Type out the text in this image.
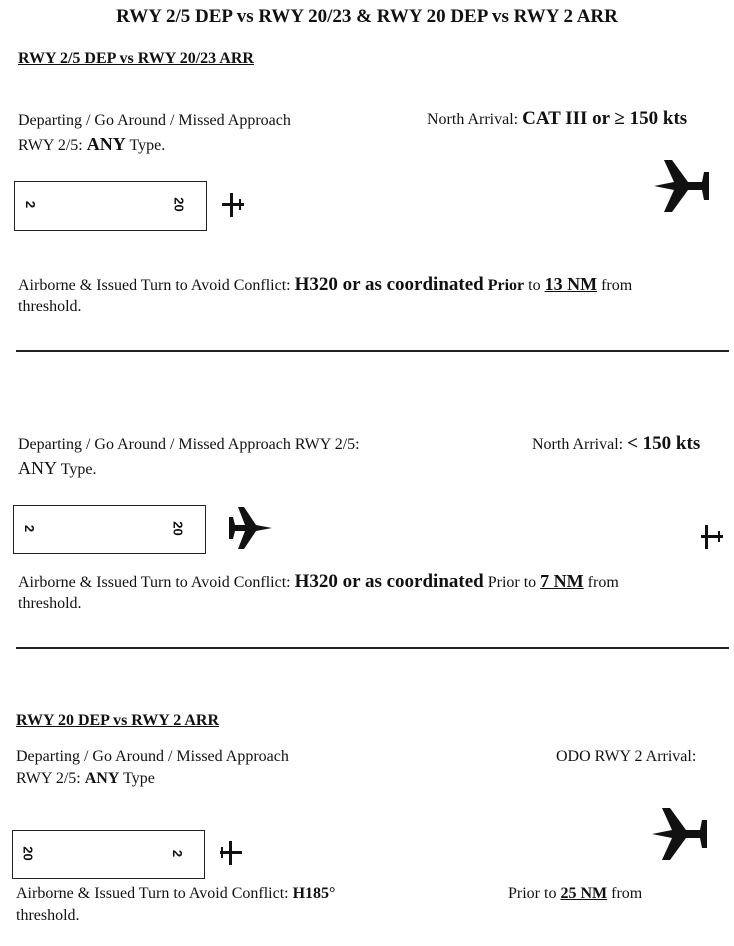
RWY 2/5 DEP vs RWY 20/23 & RWY 20 DEP vs RWY 2 ARR
RWY 2/5 DEP vs RWY 20/23 ARR
Departing / Go Around / Missed Approach
RWY 2/5: ANY Type.
North Arrival: CAT III or ≥ 150 kts
2	20
Airborne & Issued Turn to Avoid Conflict: H320 or as coordinated Prior to 13 NM from
threshold.
Departing / Go Around / Missed Approach RWY 2/5:
ANY Type.
North Arrival: < 150 kts
2	20
Airborne & Issued Turn to Avoid Conflict: H320 or as coordinated Prior to 7 NM from
threshold.
RWY 20 DEP vs RWY 2 ARR
Departing / Go Around / Missed Approach
RWY 2/5: ANY Type
ODO RWY 2 Arrival:
20	2
Airborne & Issued Turn to Avoid Conflict: H185°	Prior to 25 NM from
threshold.
